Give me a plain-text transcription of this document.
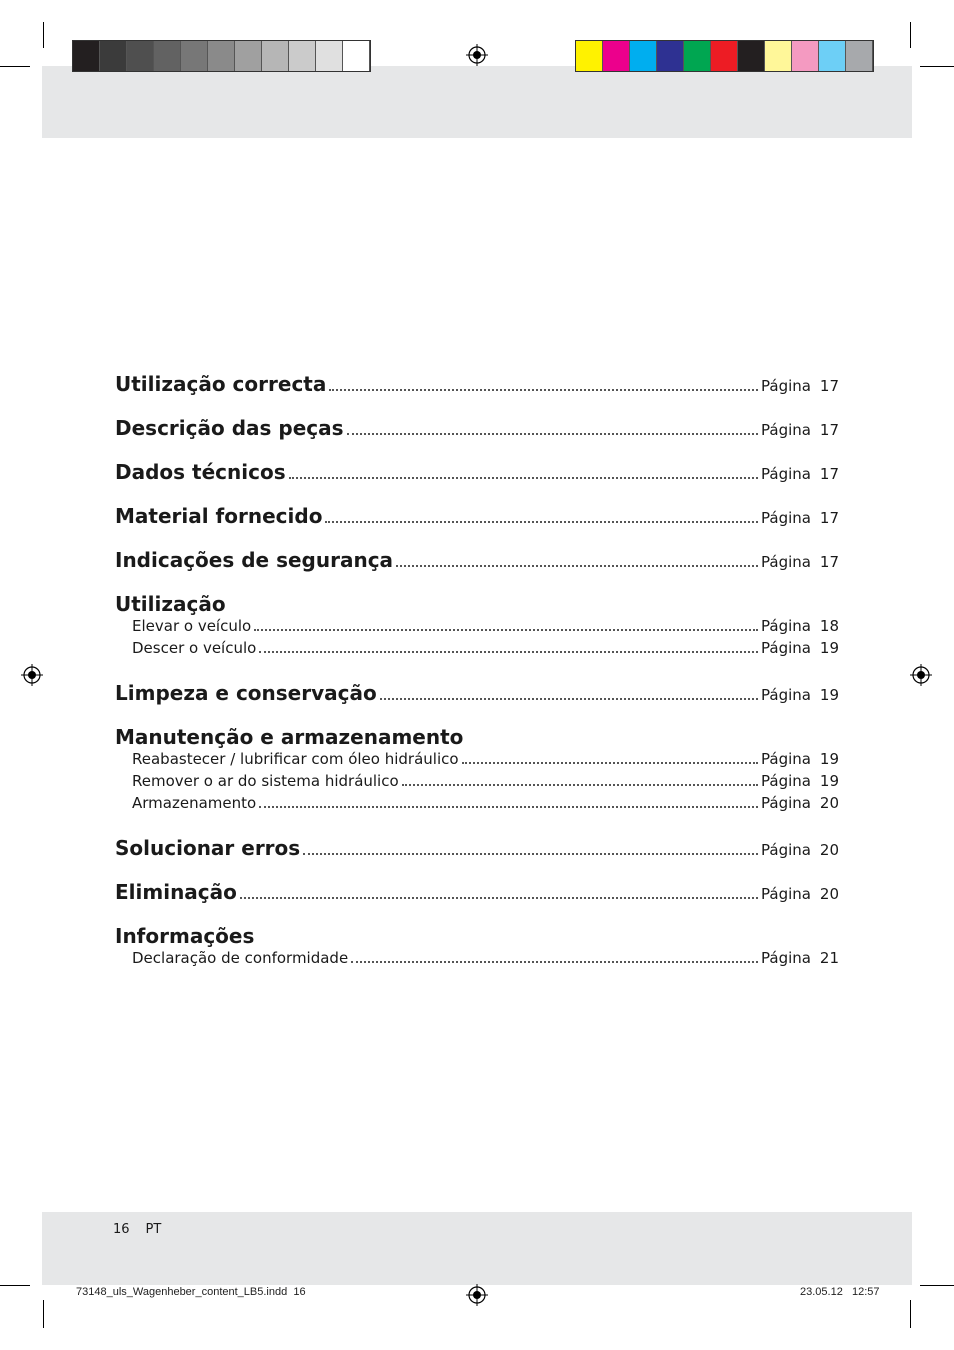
Utilização correcta	Página 17
Descrição das peças	Página 17
Dados técnicos	Página 17
Material fornecido	Página 17
Indicações de segurança	Página 17
Utilização
Elevar o veículo	Página 18
Descer o veículo	Página 19
Limpeza e conservação	Página 19
Manutenção e armazenamento
Reabastecer / lubrificar com óleo hidráulico	Página 19
Remover o ar do sistema hidráulico	Página 19
Armazenamento	Página 20
Solucionar erros	Página 20
Eliminação	Página 20
Informações
Declaração de conformidade	Página 21
16 PT
73148_uls_Wagenheber_content_LB5.indd 16	23.05.12 12:57
